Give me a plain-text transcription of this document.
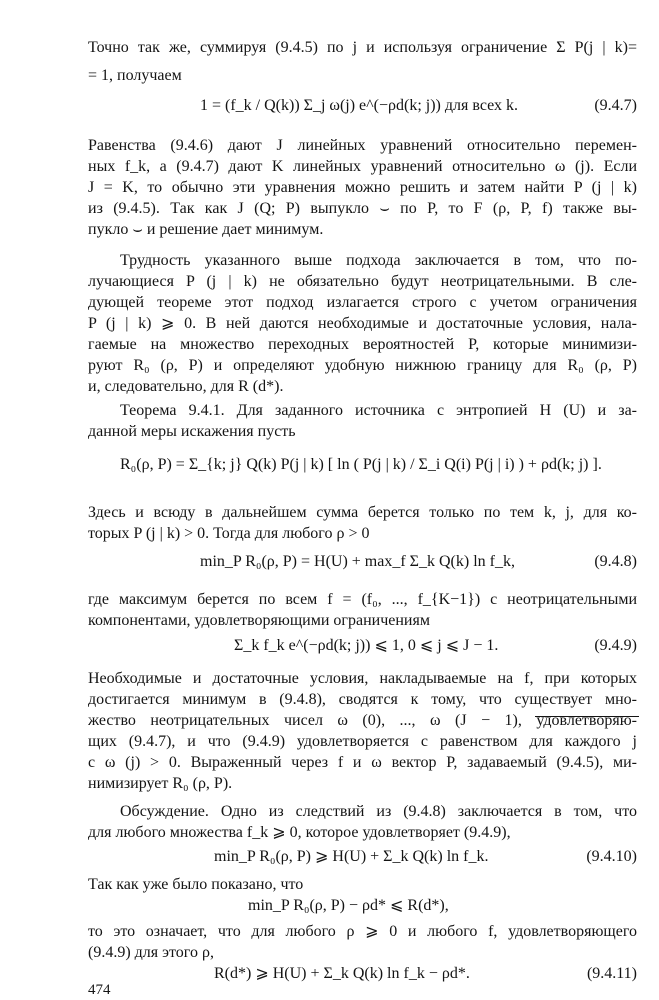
Точно так же, суммируя (9.4.5) по j и используя ограничение Σ P(j | k)=
= 1, получаем
1 = (f_k / Q(k)) Σ_j ω(j) e^(−ρd(k; j)) для всех k.	(9.4.7)
Равенства (9.4.6) дают J линейных уравнений относительно перемен-
ных f_k, а (9.4.7) дают K линейных уравнений относительно ω (j). Если
J = K, то обычно эти уравнения можно решить и затем найти P (j | k)
из (9.4.5). Так как J (Q; P) выпукло ⌣ по P, то F (ρ, P, f) также вы-
пукло ⌣ и решение дает минимум.
Трудность указанного выше подхода заключается в том, что по-
лучающиеся P (j | k) не обязательно будут неотрицательными. В сле-
дующей теореме этот подход излагается строго с учетом ограничения
P (j | k) ⩾ 0. В ней даются необходимые и достаточные условия, нала-
гаемые на множество переходных вероятностей P, которые минимизи-
руют R₀ (ρ, P) и определяют удобную нижнюю границу для R₀ (ρ, P)
и, следовательно, для R (d*).
Теорема 9.4.1. Для заданного источника с энтропией H (U) и за-
данной меры искажения пусть
R₀(ρ, P) = Σ_{k; j} Q(k) P(j | k) [ ln ( P(j | k) / Σ_i Q(i) P(j | i) ) + ρd(k; j) ].
Здесь и всюду в дальнейшем сумма берется только по тем k, j, для ко-
торых P (j | k) > 0. Тогда для любого ρ > 0
min_P R₀(ρ, P) = H(U) + max_f Σ_k Q(k) ln f_k,	(9.4.8)
где максимум берется по всем f = (f₀, ..., f_{K−1}) с неотрицательными
компонентами, удовлетворяющими ограничениям
Σ_k f_k e^(−ρd(k; j)) ⩽ 1, 0 ⩽ j ⩽ J − 1.	(9.4.9)
Необходимые и достаточные условия, накладываемые на f, при которых
достигается минимум в (9.4.8), сводятся к тому, что существует мно-
жество неотрицательных чисел ω (0), ..., ω (J − 1), удовлетворяю-
щих (9.4.7), и что (9.4.9) удовлетворяется с равенством для каждого j
с ω (j) > 0. Выраженный через f и ω вектор P, задаваемый (9.4.5), ми-
нимизирует R₀ (ρ, P).
Обсуждение. Одно из следствий из (9.4.8) заключается в том, что
для любого множества f_k ⩾ 0, которое удовлетворяет (9.4.9),
min_P R₀(ρ, P) ⩾ H(U) + Σ_k Q(k) ln f_k.	(9.4.10)
Так как уже было показано, что
min_P R₀(ρ, P) − ρd* ⩽ R(d*),
то это означает, что для любого ρ ⩾ 0 и любого f, удовлетворяющего
(9.4.9) для этого ρ,
R(d*) ⩾ H(U) + Σ_k Q(k) ln f_k − ρd*.	(9.4.11)
474
